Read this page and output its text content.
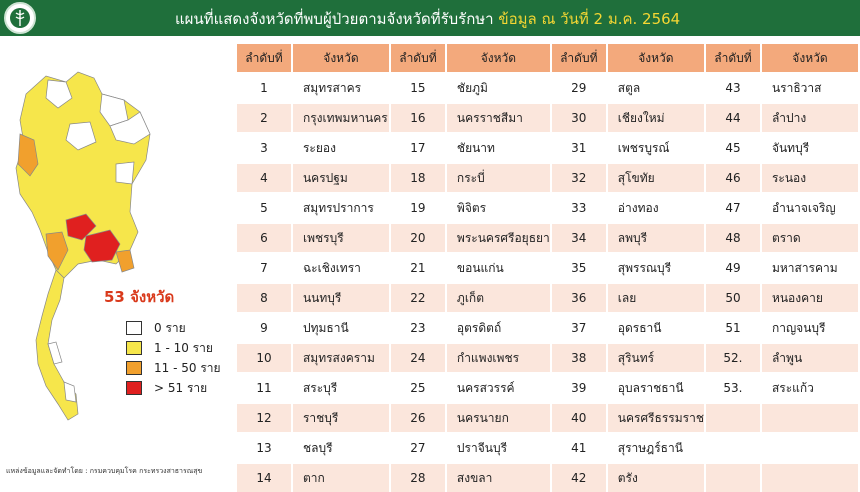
แผนที่แสดงจังหวัดที่พบผู้ป่วยตามจังหวัดที่รับรักษา ข้อมูล ณ วันที่ 2 ม.ค. 2564
53 จังหวัด
0 ราย
1 - 10 ราย
11 - 50 ราย
> 51 ราย
ลำดับที่	จังหวัด	ลำดับที่	จังหวัด	ลำดับที่	จังหวัด	ลำดับที่	จังหวัด
1	สมุทรสาคร	15	ชัยภูมิ	29	สตูล	43	นราธิวาส
2	กรุงเทพมหานคร	16	นครราชสีมา	30	เชียงใหม่	44	ลำปาง
3	ระยอง	17	ชัยนาท	31	เพชรบูรณ์	45	จันทบุรี
4	นครปฐม	18	กระบี่	32	สุโขทัย	46	ระนอง
5	สมุทรปราการ	19	พิจิตร	33	อ่างทอง	47	อำนาจเจริญ
6	เพชรบุรี	20	พระนครศรีอยุธยา	34	ลพบุรี	48	ตราด
7	ฉะเชิงเทรา	21	ขอนแก่น	35	สุพรรณบุรี	49	มหาสารคาม
8	นนทบุรี	22	ภูเก็ต	36	เลย	50	หนองคาย
9	ปทุมธานี	23	อุตรดิตถ์	37	อุดรธานี	51	กาญจนบุรี
10	สมุทรสงคราม	24	กำแพงเพชร	38	สุรินทร์	52.	ลำพูน
11	สระบุรี	25	นครสวรรค์	39	อุบลราชธานี	53.	สระแก้ว
12	ราชบุรี	26	นครนายก	40	นครศรีธรรมราช		
13	ชลบุรี	27	ปราจีนบุรี	41	สุราษฎร์ธานี		
14	ตาก	28	สงขลา	42	ตรัง		
แหล่งข้อมูลและจัดทำโดย : กรมควบคุมโรค กระทรวงสาธารณสุข
